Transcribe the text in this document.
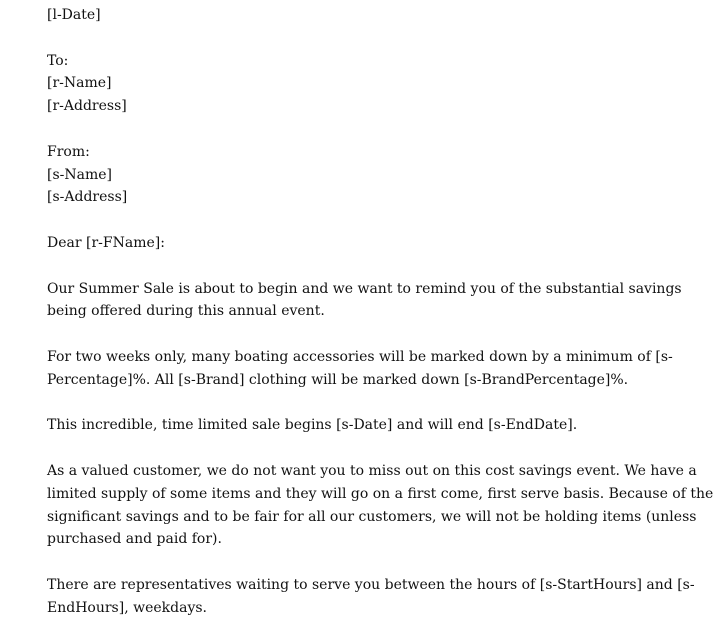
[l-Date]
To:
[r-Name]
[r-Address]
From:
[s-Name]
[s-Address]
Dear [r-FName]:
Our Summer Sale is about to begin and we want to remind you of the substantial savings
being offered during this annual event.
For two weeks only, many boating accessories will be marked down by a minimum of [s-
Percentage]%. All [s-Brand] clothing will be marked down [s-BrandPercentage]%.
This incredible, time limited sale begins [s-Date] and will end [s-EndDate].
As a valued customer, we do not want you to miss out on this cost savings event. We have a
limited supply of some items and they will go on a first come, first serve basis. Because of the
significant savings and to be fair for all our customers, we will not be holding items (unless
purchased and paid for).
There are representatives waiting to serve you between the hours of [s-StartHours] and [s-
EndHours], weekdays.
